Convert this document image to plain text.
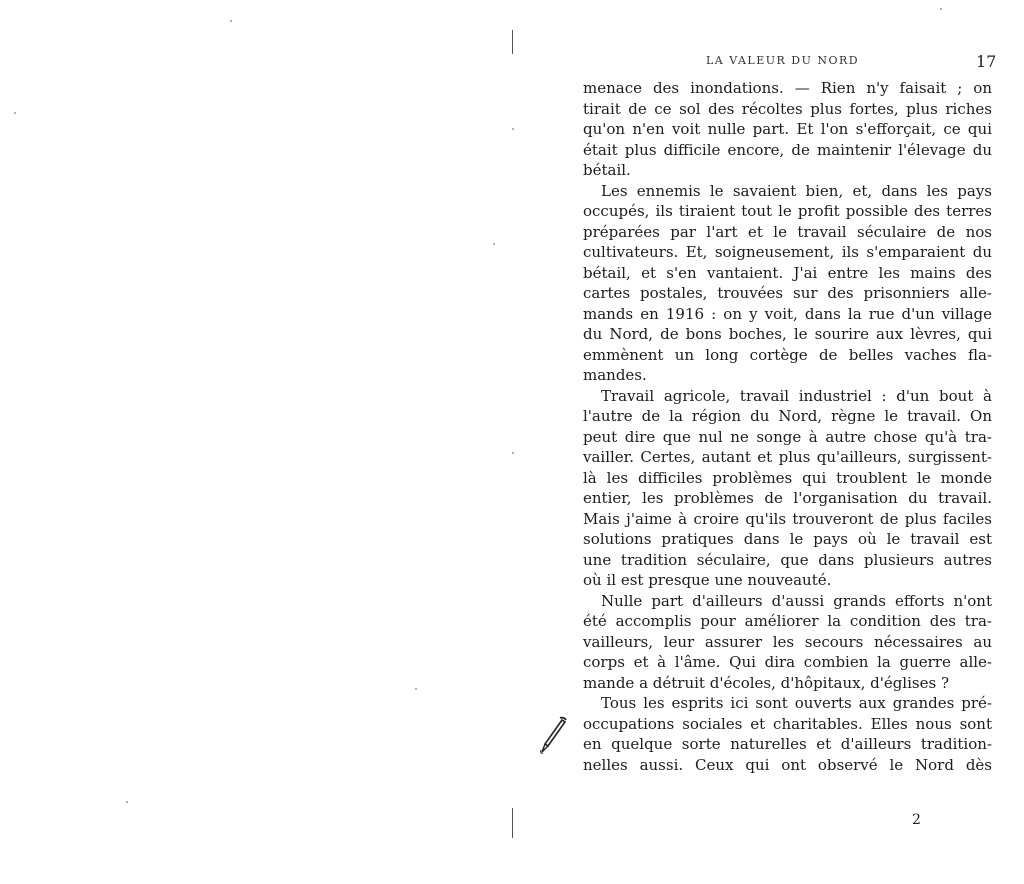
LA VALEUR DU NORD	17
menace des inondations. — Rien n'y faisait ; on
tirait de ce sol des récoltes plus fortes, plus riches
qu'on n'en voit nulle part. Et l'on s'efforçait, ce qui
était plus difficile encore, de maintenir l'élevage du
bétail.
Les ennemis le savaient bien, et, dans les pays
occupés, ils tiraient tout le profit possible des terres
préparées par l'art et le travail séculaire de nos
cultivateurs. Et, soigneusement, ils s'emparaient du
bétail, et s'en vantaient. J'ai entre les mains des
cartes postales, trouvées sur des prisonniers alle-
mands en 1916 : on y voit, dans la rue d'un village
du Nord, de bons boches, le sourire aux lèvres, qui
emmènent un long cortège de belles vaches fla-
mandes.
Travail agricole, travail industriel : d'un bout à
l'autre de la région du Nord, règne le travail. On
peut dire que nul ne songe à autre chose qu'à tra-
vailler. Certes, autant et plus qu'ailleurs, surgissent-
là les difficiles problèmes qui troublent le monde
entier, les problèmes de l'organisation du travail.
Mais j'aime à croire qu'ils trouveront de plus faciles
solutions pratiques dans le pays où le travail est
une tradition séculaire, que dans plusieurs autres
où il est presque une nouveauté.
Nulle part d'ailleurs d'aussi grands efforts n'ont
été accomplis pour améliorer la condition des tra-
vailleurs, leur assurer les secours nécessaires au
corps et à l'âme. Qui dira combien la guerre alle-
mande a détruit d'écoles, d'hôpitaux, d'églises ?
Tous les esprits ici sont ouverts aux grandes pré-
occupations sociales et charitables. Elles nous sont
en quelque sorte naturelles et d'ailleurs tradition-
nelles aussi. Ceux qui ont observé le Nord dès
2
